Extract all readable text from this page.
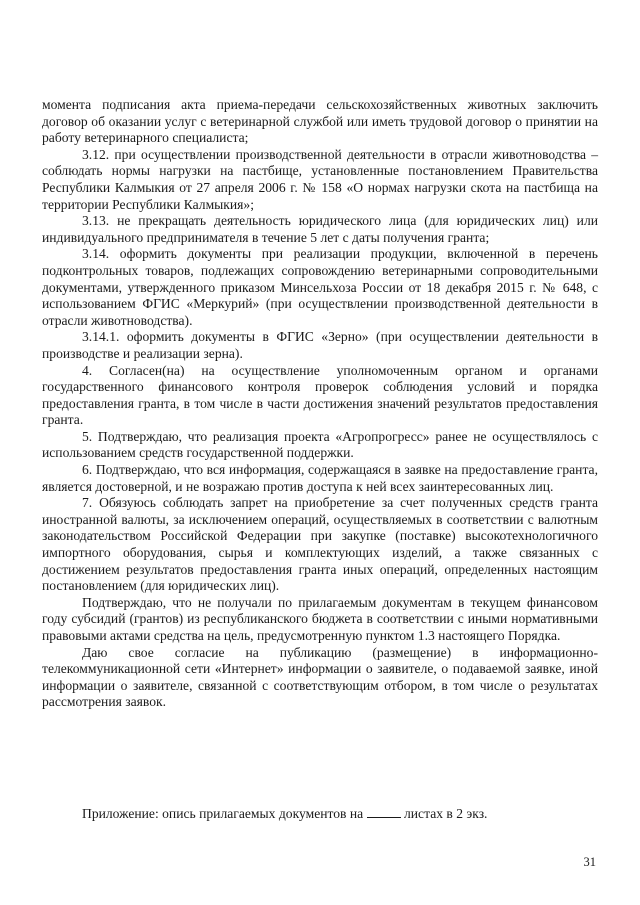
момента подписания акта приема-передачи сельскохозяйственных животных заключить договор об оказании услуг с ветеринарной службой или иметь трудовой договор о принятии на работу ветеринарного специалиста;

3.12. при осуществлении производственной деятельности в отрасли животноводства – соблюдать нормы нагрузки на пастбище, установленные постановлением Правительства Республики Калмыкия от 27 апреля 2006 г. № 158 «О нормах нагрузки скота на пастбища на территории Республики Калмыкия»;

3.13. не прекращать деятельность юридического лица (для юридических лиц) или индивидуального предпринимателя в течение 5 лет с даты получения гранта;

3.14. оформить документы при реализации продукции, включенной в перечень подконтрольных товаров, подлежащих сопровождению ветеринарными сопроводительными документами, утвержденного приказом Минсельхоза России от 18 декабря 2015 г. № 648, с использованием ФГИС «Меркурий» (при осуществлении производственной деятельности в отрасли животноводства).

3.14.1. оформить документы в ФГИС «Зерно» (при осуществлении деятельности в производстве и реализации зерна).

4. Согласен(на) на осуществление уполномоченным органом и органами государственного финансового контроля проверок соблюдения условий и порядка предоставления гранта, в том числе в части достижения значений результатов предоставления гранта.

5. Подтверждаю, что реализация проекта «Агропрогресс» ранее не осуществлялось с использованием средств государственной поддержки.

6. Подтверждаю, что вся информация, содержащаяся в заявке на предоставление гранта, является достоверной, и не возражаю против доступа к ней всех заинтересованных лиц.

7. Обязуюсь соблюдать запрет на приобретение за счет полученных средств гранта иностранной валюты, за исключением операций, осуществляемых в соответствии с валютным законодательством Российской Федерации при закупке (поставке) высокотехнологичного импортного оборудования, сырья и комплектующих изделий, а также связанных с достижением результатов предоставления гранта иных операций, определенных настоящим постановлением (для юридических лиц).

Подтверждаю, что не получали по прилагаемым документам в текущем финансовом году субсидий (грантов) из республиканского бюджета в соответствии с иными нормативными правовыми актами средства на цель, предусмотренную пунктом 1.3 настоящего Порядка.

Даю свое согласие на публикацию (размещение) в информационно-телекоммуникационной сети «Интернет» информации о заявителе, о подаваемой заявке, иной информации о заявителе, связанной с соответствующим отбором, в том числе о результатах рассмотрения заявок.

Приложение: опись прилагаемых документов на	листах в 2 экз.
31
